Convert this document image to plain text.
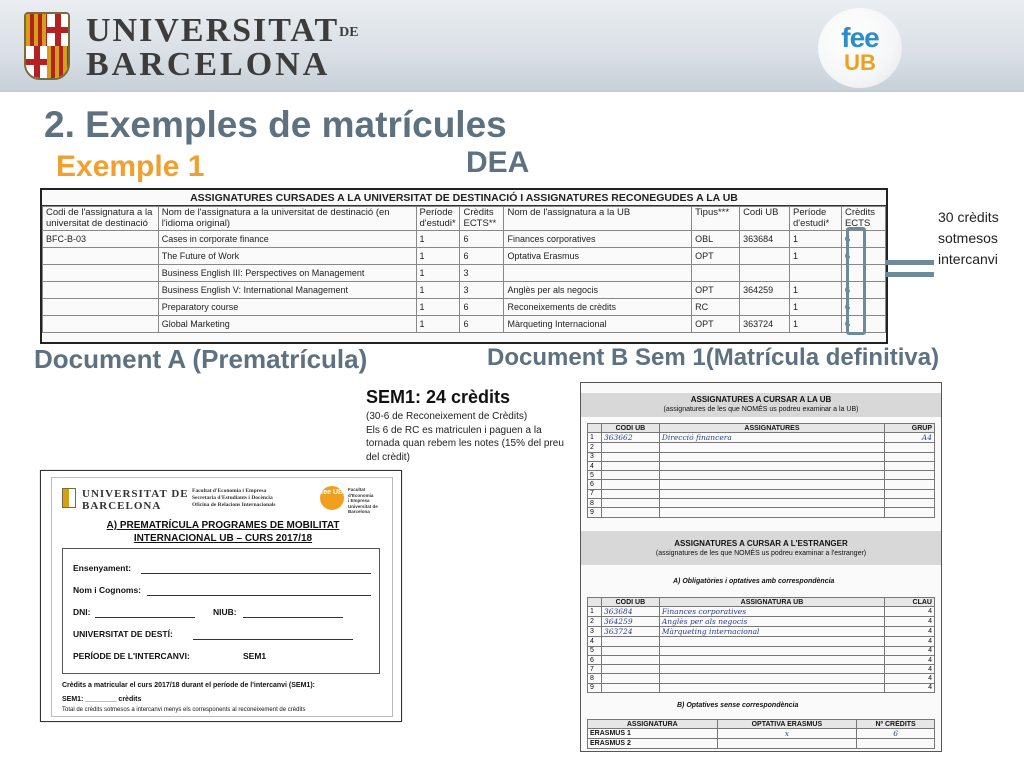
UNIVERSITATDE
BARCELONA
fee
UB
2. Exemples de matrícules
Exemple 1	DEA
ASSIGNATURES CURSADES A LA UNIVERSITAT DE DESTINACIÓ I ASSIGNATURES RECONEGUDES A LA UB
Codi de l'assignatura a la universitat de destinació	Nom de l'assignatura a la universitat de destinació (en l'idioma original)	Període d'estudi*	Crèdits ECTS**	Nom de l'assignatura a la UB	Tipus***	Codi UB	Període d'estudi*	Crèdits ECTS
BFC-B-03	Cases in corporate finance	1	6	Finances corporatives	OBL	363684	1	6
	The Future of Work	1	6	Optativa Erasmus	OPT		1	6
	Business English III: Perspectives on Management	1	3					
	Business English V: International Management	1	3	Anglès per als negocis	OPT	364259	1	6
	Preparatory course	1	6	Reconeixements de crèdits	RC		1	6
	Global Marketing	1	6	Màrqueting Internacional	OPT	363724	1	6
30 crèdits
sotmesos
intercanvi
Document A (Prematrícula)	Document B Sem 1(Matrícula definitiva)
SEM1: 24 crèdits
(30-6 de Reconeixement de Crèdits)
Els 6 de RC es matriculen i paguen a la tornada quan rebem les notes (15% del preu del crèdit)
UNIVERSITAT DE
BARCELONA
Facultat d'Economia i Empresa
Secretaria d'Estudiants i Docència
Oficina de Relacions Internacionals
fee UB Facultat
d'Economia
i Empresa
Universitat de Barcelona
A) PREMATRÍCULA PROGRAMES DE MOBILITAT
INTERNACIONAL UB – CURS 2017/18
Ensenyament:
Nom i Cognoms:
DNI:	NIUB:
UNIVERSITAT DE DESTÍ:
PERÍODE DE L'INTERCANVI:	SEM1
Crèdits a matricular el curs 2017/18 durant el període de l'intercanvi (SEM1):
SEM1: ________ crèdits
Total de crèdits sotmesos a intercanvi menys els corresponents al reconeixement de crèdits
ASSIGNATURES A CURSAR A LA UB
(assignatures de les que NOMÉS us podreu examinar a la UB)
	CODI UB	ASSIGNATURES	GRUP
1	363662	Direcció financera	A4
2			
3			
4			
5			
6			
7			
8			
9			
ASSIGNATURES A CURSAR A L'ESTRANGER
(assignatures de les que NOMÉS us podreu examinar a l'estranger)
A) Obligatòries i optatives amb correspondència
	CODI UB	ASSIGNATURA UB	CLAU
1	363684	Finances corporatives	4
2	364259	Anglès per als negocis	4
3	363724	Màrqueting internacional	4
4			4
5			4
6			4
7			4
8			4
9			4
B) Optatives sense correspondència
ASSIGNATURA	OPTATIVA ERASMUS	Nº CRÈDITS
ERASMUS 1	x	6
ERASMUS 2		
